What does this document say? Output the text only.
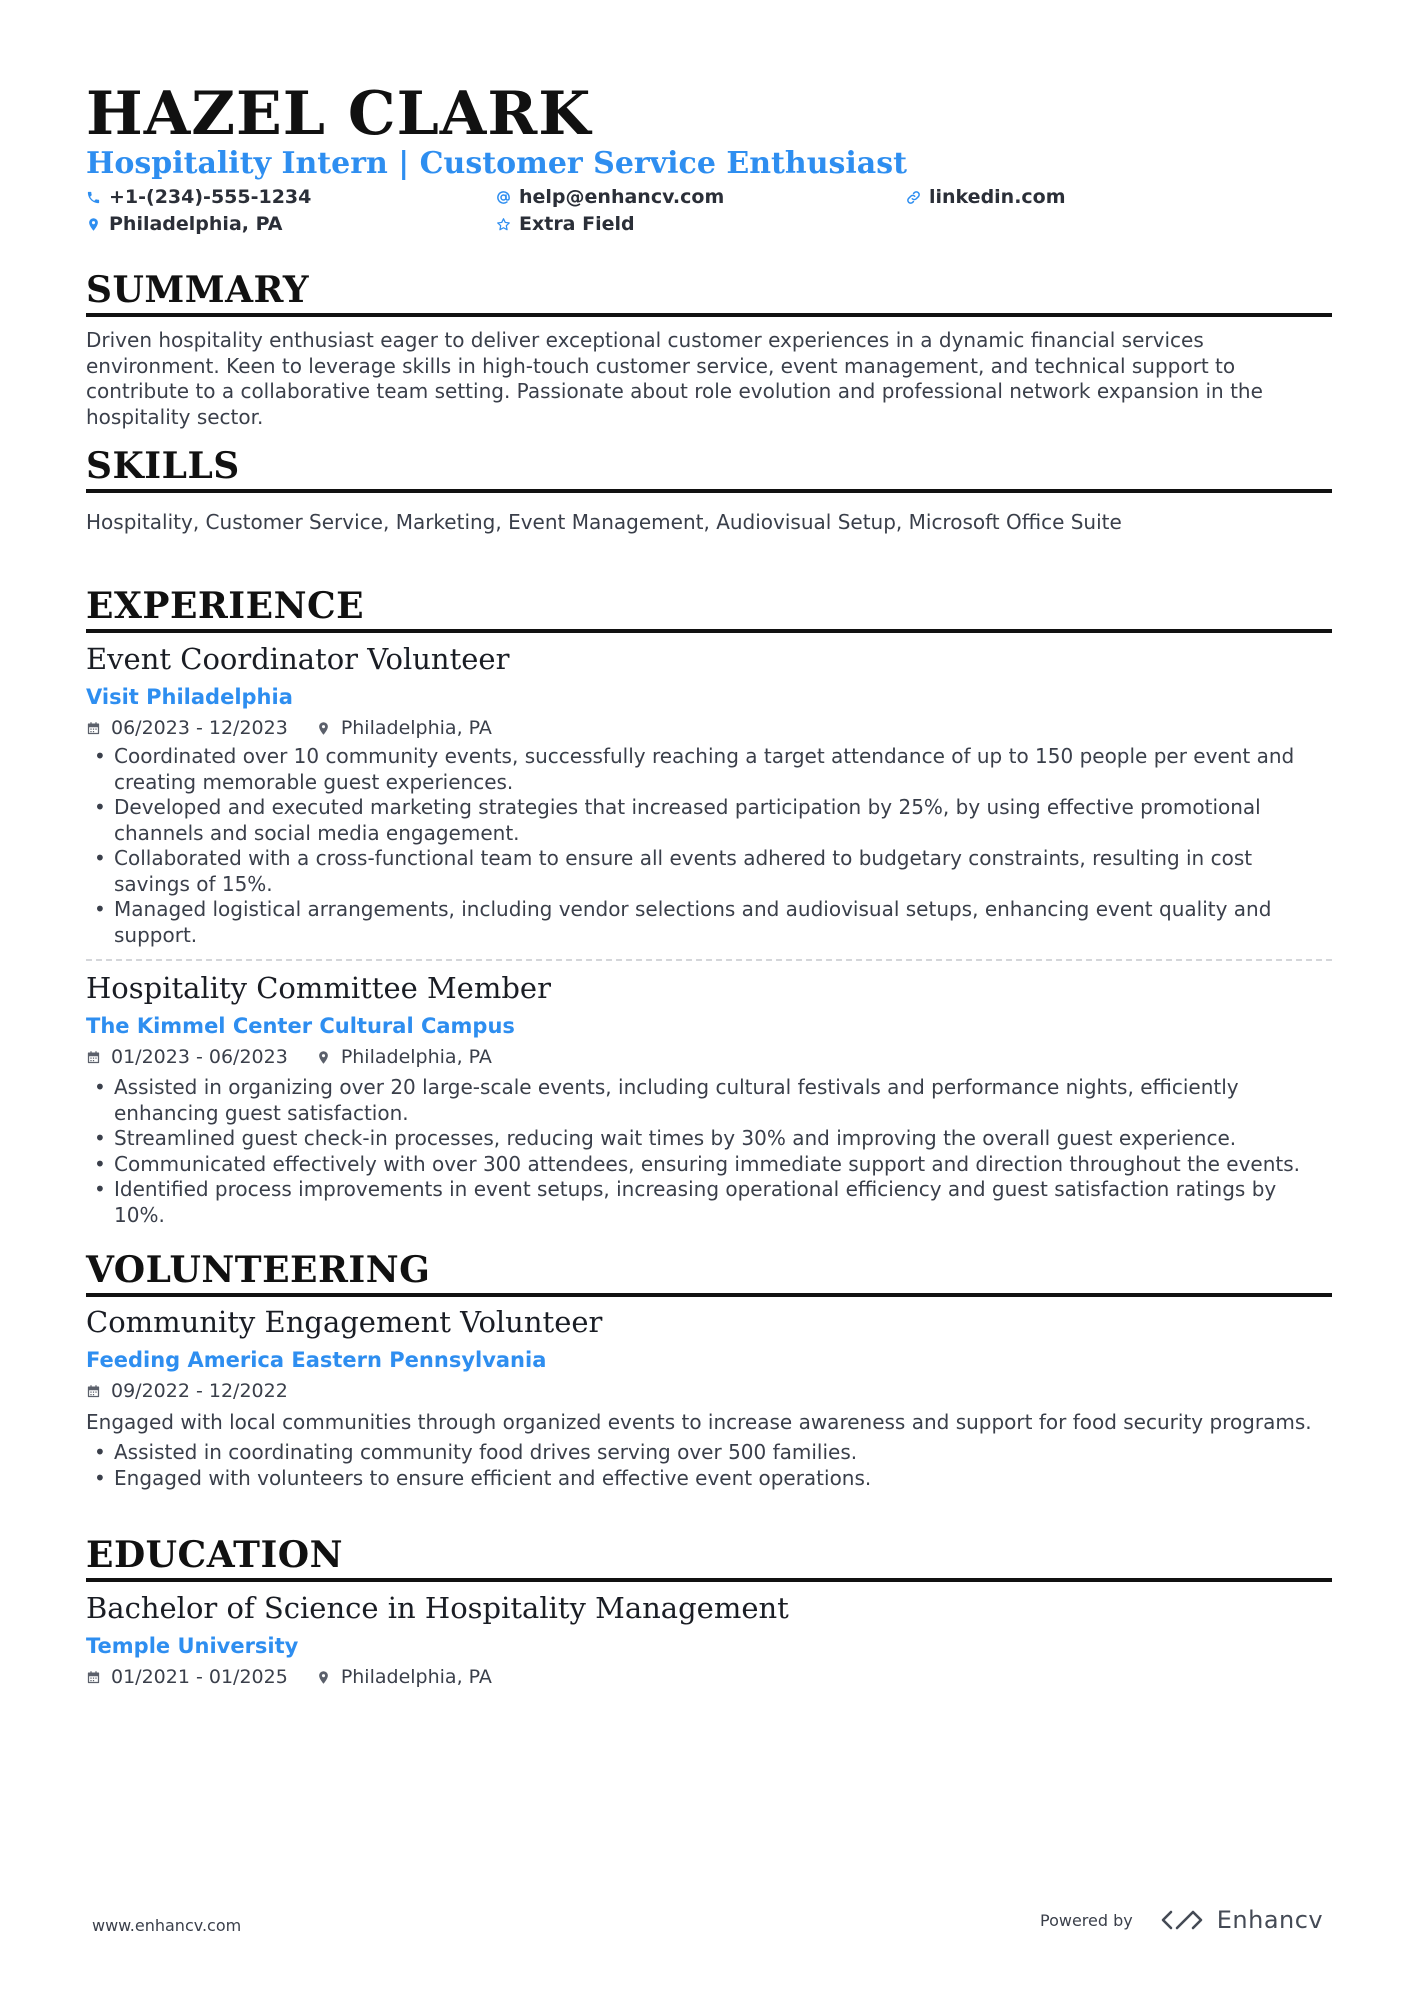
HAZEL CLARK
Hospitality Intern | Customer Service Enthusiast
+1-(234)-555-1234	help@enhancv.com	linkedin.com
Philadelphia, PA	Extra Field
SUMMARY
Driven hospitality enthusiast eager to deliver exceptional customer experiences in a dynamic financial services environment. Keen to leverage skills in high-touch customer service, event management, and technical support to contribute to a collaborative team setting. Passionate about role evolution and professional network expansion in the hospitality sector.
SKILLS
Hospitality, Customer Service, Marketing, Event Management, Audiovisual Setup, Microsoft Office Suite
EXPERIENCE
Event Coordinator Volunteer
Visit Philadelphia
06/2023 - 12/2023	Philadelphia, PA
• Coordinated over 10 community events, successfully reaching a target attendance of up to 150 people per event and creating memorable guest experiences.
• Developed and executed marketing strategies that increased participation by 25%, by using effective promotional channels and social media engagement.
• Collaborated with a cross-functional team to ensure all events adhered to budgetary constraints, resulting in cost savings of 15%.
• Managed logistical arrangements, including vendor selections and audiovisual setups, enhancing event quality and support.
Hospitality Committee Member
The Kimmel Center Cultural Campus
01/2023 - 06/2023	Philadelphia, PA
• Assisted in organizing over 20 large-scale events, including cultural festivals and performance nights, efficiently enhancing guest satisfaction.
• Streamlined guest check-in processes, reducing wait times by 30% and improving the overall guest experience.
• Communicated effectively with over 300 attendees, ensuring immediate support and direction throughout the events.
• Identified process improvements in event setups, increasing operational efficiency and guest satisfaction ratings by 10%.
VOLUNTEERING
Community Engagement Volunteer
Feeding America Eastern Pennsylvania
09/2022 - 12/2022
Engaged with local communities through organized events to increase awareness and support for food security programs.
• Assisted in coordinating community food drives serving over 500 families.
• Engaged with volunteers to ensure efficient and effective event operations.
EDUCATION
Bachelor of Science in Hospitality Management
Temple University
01/2021 - 01/2025	Philadelphia, PA
www.enhancv.com	Powered by	Enhancv
